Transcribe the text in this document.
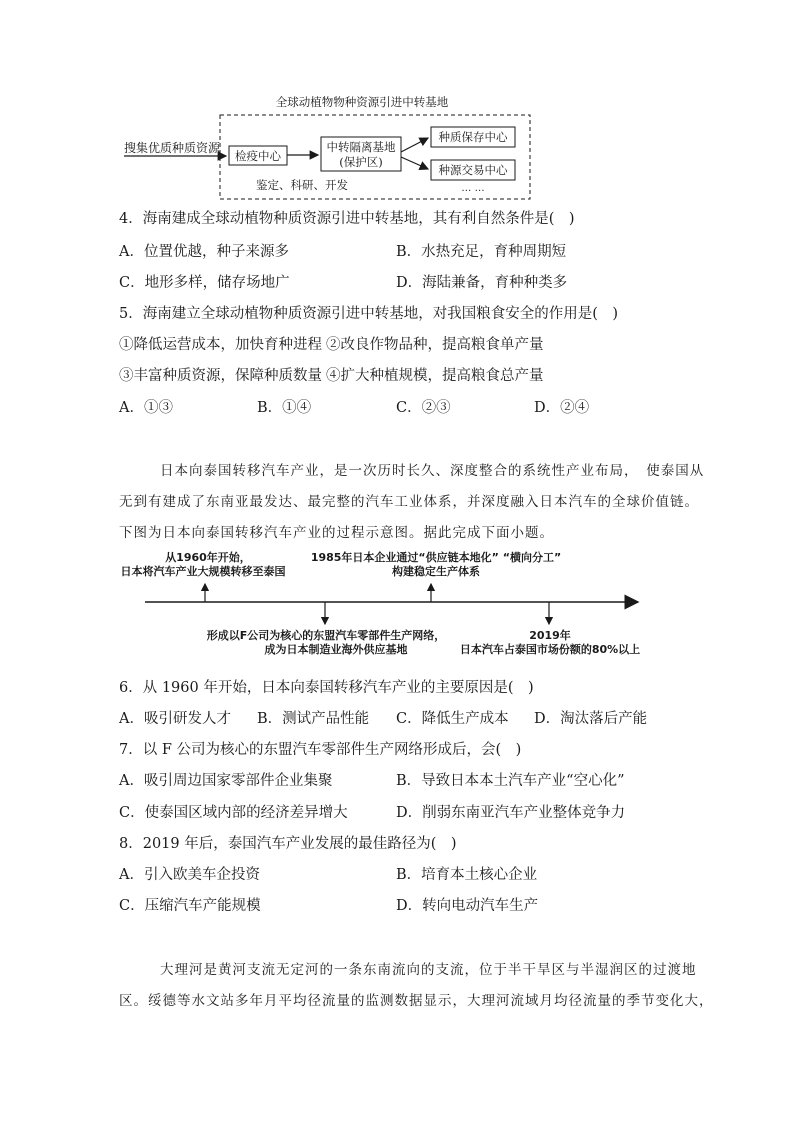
全球动植物物种资源引进中转基地
搜集优质种质资源
检疫中心
中转隔离基地
(保护区)
种质保存中心
种源交易中心
… …
鉴定、科研、开发
4．海南建成全球动植物种质资源引进中转基地，其有利自然条件是(　)
A．位置优越，种子来源多	B．水热充足，育种周期短
C．地形多样，储存场地广	D．海陆兼备，育种种类多
5．海南建立全球动植物种质资源引进中转基地，对我国粮食安全的作用是(　)
①降低运营成本，加快育种进程 ②改良作物品种，提高粮食单产量
③丰富种质资源，保障种质数量 ④扩大种植规模，提高粮食总产量
A．①③	B．①④	C．②③	D．②④
日本向泰国转移汽车产业，是一次历时长久、深度整合的系统性产业布局，　使泰国从
无到有建成了东南亚最发达、最完整的汽车工业体系，并深度融入日本汽车的全球价值链。
下图为日本向泰国转移汽车产业的过程示意图。据此完成下面小题。
从1960年开始，
日本将汽车产业大规模转移至泰国
1985年日本企业通过“供应链本地化” “横向分工”
构建稳定生产体系
形成以F公司为核心的东盟汽车零部件生产网络，
成为日本制造业海外供应基地
2019年
日本汽车占泰国市场份额的80%以上
6．从 1960 年开始，日本向泰国转移汽车产业的主要原因是(　)
A．吸引研发人才 B．测试产品性能 C．降低生产成本 D．淘汰落后产能
7．以 F 公司为核心的东盟汽车零部件生产网络形成后，会(　)
A．吸引周边国家零部件企业集聚	B．导致日本本土汽车产业“空心化”
C．使泰国区域内部的经济差异增大	D．削弱东南亚汽车产业整体竞争力
8．2019 年后，泰国汽车产业发展的最佳路径为(　)
A．引入欧美车企投资	B．培育本土核心企业
C．压缩汽车产能规模	D．转向电动汽车生产
大理河是黄河支流无定河的一条东南流向的支流，位于半干旱区与半湿润区的过渡地
区。绥德等水文站多年月平均径流量的监测数据显示，大理河流域月均径流量的季节变化大，
